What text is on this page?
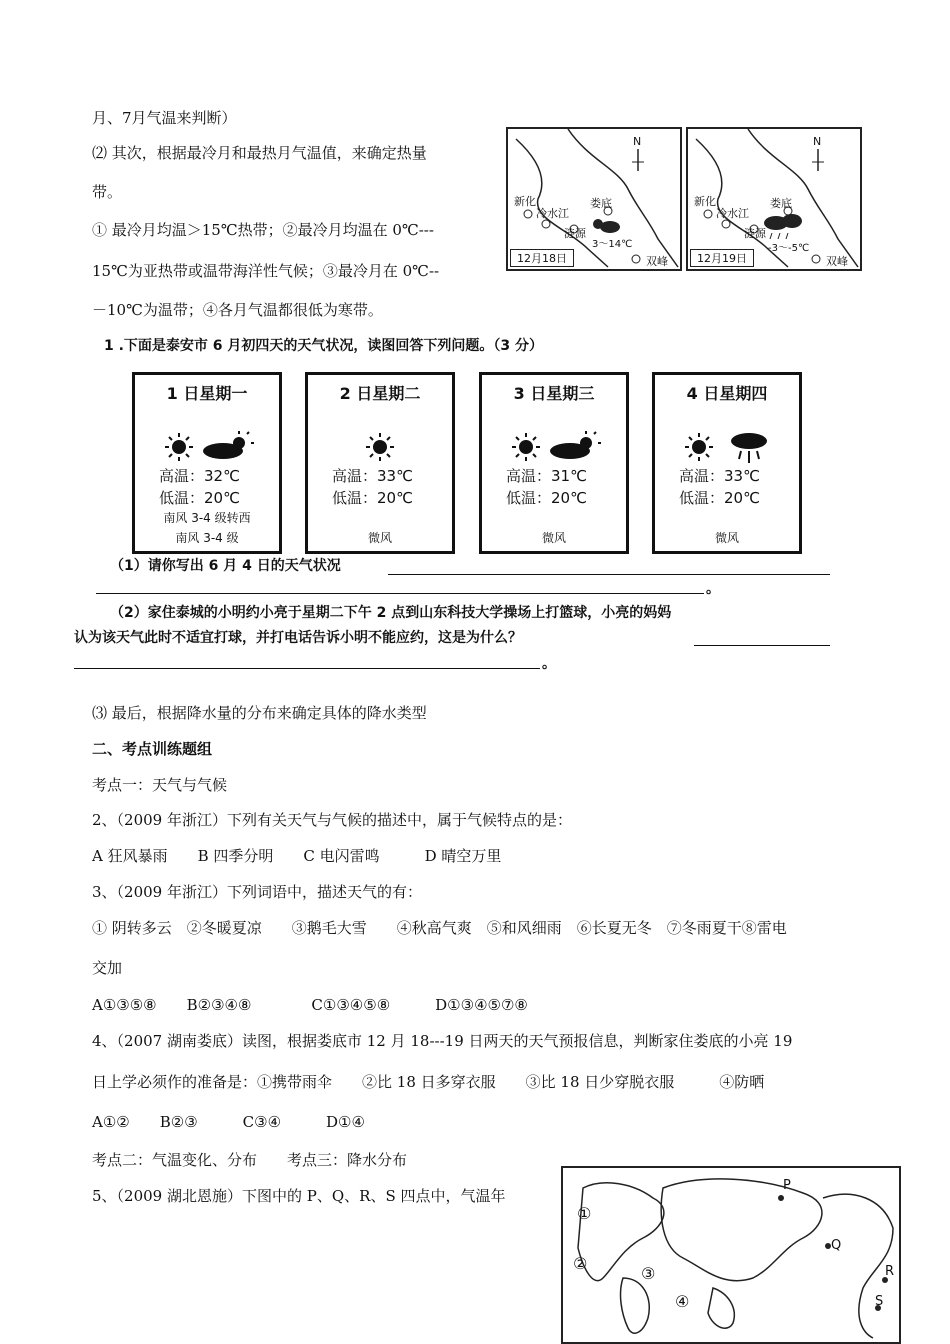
月、7月气温来判断）
⑵ 其次，根据最冷月和最热月气温值，来确定热量
带。
① 最冷月均温＞15℃热带；②最冷月均温在 0℃---
15℃为亚热带或温带海洋性气候；③最冷月在 0℃--
－10℃为温带；④各月气温都很低为寒带。
N
新化
冷水江
涟源
娄底
双峰
3～14℃
12月18日
N
新化
冷水江
涟源
娄底
双峰
-3～-5℃
12月19日
1 .下面是泰安市 6 月初四天的天气状况，读图回答下列问题。（3 分）
1 日星期一
高温：32℃
低温：20℃
南风 3-4 级转西
南风 3-4 级
2 日星期二
高温：33℃
低温：20℃
微风
3 日星期三
高温：31℃
低温：20℃
微风
4 日星期四
高温：33℃
低温：20℃
微风
（1）请你写出 6 月 4 日的天气状况
。
（2）家住泰城的小明约小亮于星期二下午 2 点到山东科技大学操场上打篮球，小亮的妈妈
认为该天气此时不适宜打球，并打电话告诉小明不能应约，这是为什么？
。
⑶ 最后，根据降水量的分布来确定具体的降水类型
二、考点训练题组
考点一：天气与气候
2、（2009 年浙江）下列有关天气与气候的描述中，属于气候特点的是：
A 狂风暴雨　　B 四季分明　　C 电闪雷鸣　　　D 晴空万里
3、（2009 年浙江）下列词语中，描述天气的有：
① 阴转多云　②冬暖夏凉　　③鹅毛大雪　　④秋高气爽　⑤和风细雨　⑥长夏无冬　⑦冬雨夏干⑧雷电
交加
A①③⑤⑧　　B②③④⑧　　　　C①③④⑤⑧　　　D①③④⑤⑦⑧
4、（2007 湖南娄底）读图，根据娄底市 12 月 18---19 日两天的天气预报信息，判断家住娄底的小亮 19
日上学必须作的准备是：①携带雨伞　　②比 18 日多穿衣服　　③比 18 日少穿脱衣服　　　④防晒
A①②　　B②③　　　C③④　　　D①④
考点二：气温变化、分布　　考点三：降水分布
5、（2009 湖北恩施）下图中的 P、Q、R、S 四点中，气温年
P
Q
R
S
①
②
③
④
